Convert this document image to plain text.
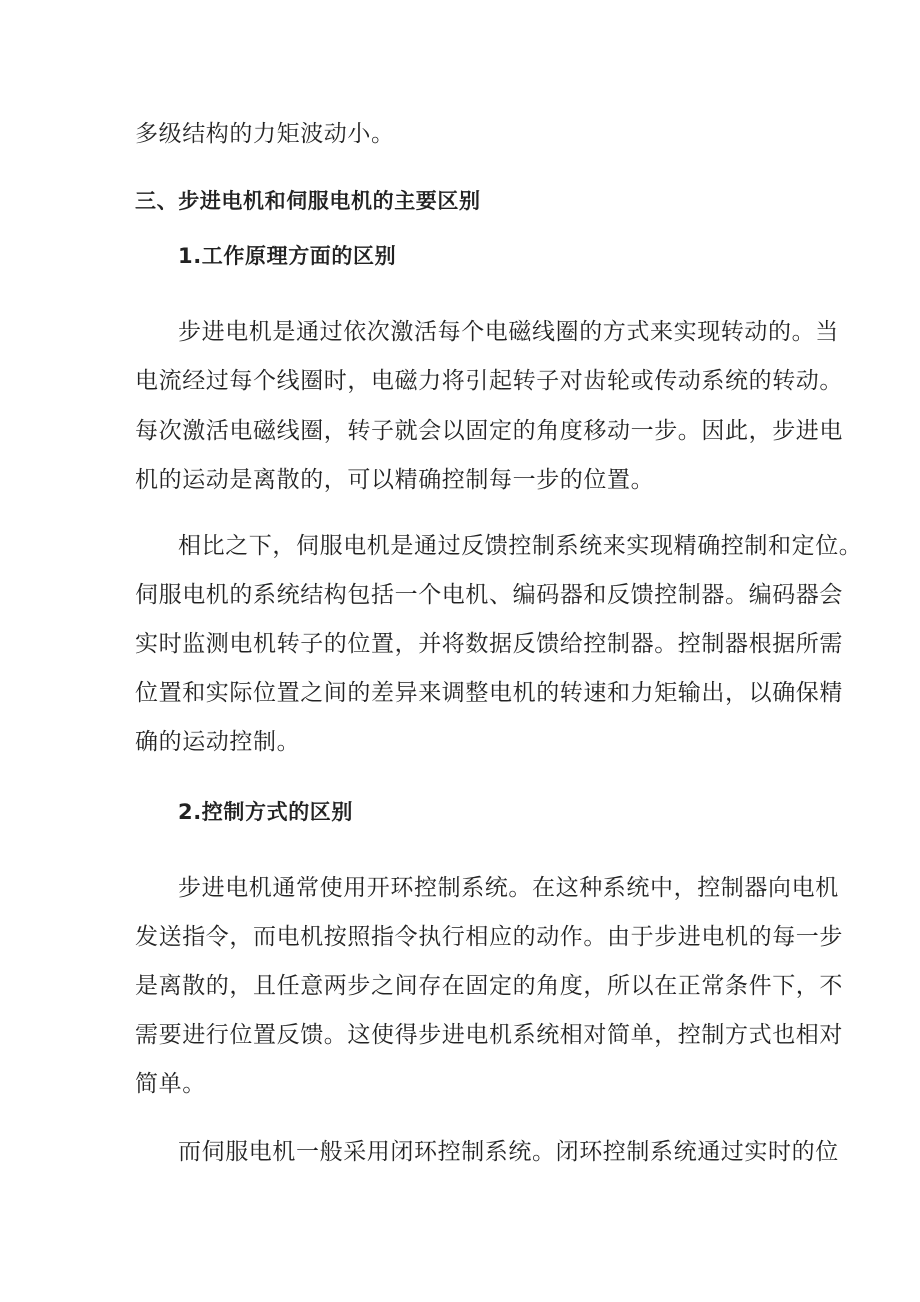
多级结构的力矩波动小。
三、步进电机和伺服电机的主要区别
1.工作原理方面的区别
步进电机是通过依次激活每个电磁线圈的方式来实现转动的。当
电流经过每个线圈时，电磁力将引起转子对齿轮或传动系统的转动。
每次激活电磁线圈，转子就会以固定的角度移动一步。因此，步进电
机的运动是离散的，可以精确控制每一步的位置。
相比之下，伺服电机是通过反馈控制系统来实现精确控制和定位。
伺服电机的系统结构包括一个电机、编码器和反馈控制器。编码器会
实时监测电机转子的位置，并将数据反馈给控制器。控制器根据所需
位置和实际位置之间的差异来调整电机的转速和力矩输出，以确保精
确的运动控制。
2.控制方式的区别
步进电机通常使用开环控制系统。在这种系统中，控制器向电机
发送指令，而电机按照指令执行相应的动作。由于步进电机的每一步
是离散的，且任意两步之间存在固定的角度，所以在正常条件下，不
需要进行位置反馈。这使得步进电机系统相对简单，控制方式也相对
简单。
而伺服电机一般采用闭环控制系统。闭环控制系统通过实时的位
